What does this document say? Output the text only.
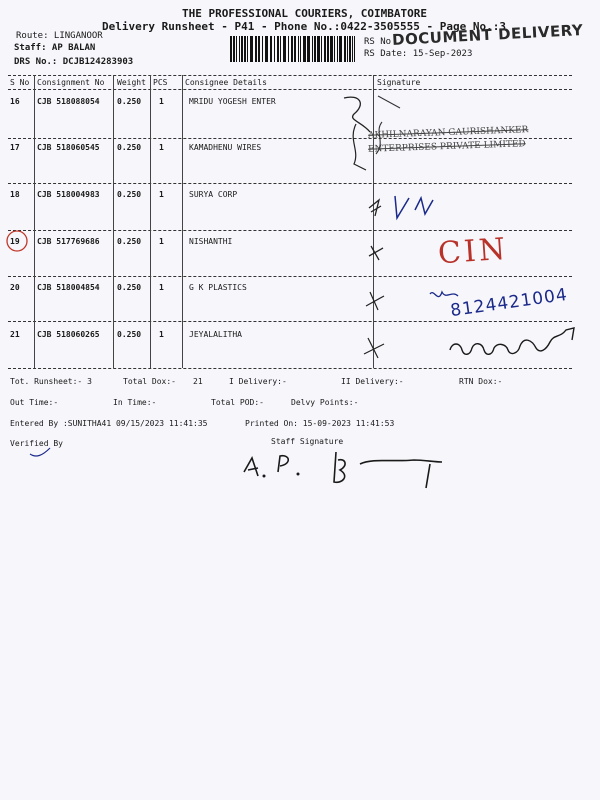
THE PROFESSIONAL COURIERS, COIMBATORE
Delivery Runsheet - P41 - Phone No.:0422-3505555 - Page No.:3
Route: LINGANOOR
Staff: AP BALAN
DRS No.: DCJB124283903
RS No
RS Date: 15-Sep-2023
DOCUMENT DELIVERY
S No Consignment No Weight PCS Consignee Details	Signature
16 CJB 518088054 0.250 1	MRIDU YOGESH ENTER
17 CJB 518060545 0.250 1	KAMADHENU WIRES
18 CJB 518004983 0.250 1	SURYA CORP
19 CJB 517769686 0.250 1	NISHANTHI
20 CJB 518004854 0.250 1	G K PLASTICS
21 CJB 518060265 0.250 1	JEYALALITHA
AKHILNARAYAN GAURISHANKER
ENTERPRISES PRIVATE LIMITED
CIN
8124421004
Tot. Runsheet:- 3	Total Dox:- 21	I Delivery:-	II Delivery:-	RTN Dox:-
Out Time:-	In Time:-	Total POD:-	Delvy Points:-
Entered By :SUNITHA41 09/15/2023 11:41:35	Printed On: 15-09-2023 11:41:53
Verified By	Staff Signature
